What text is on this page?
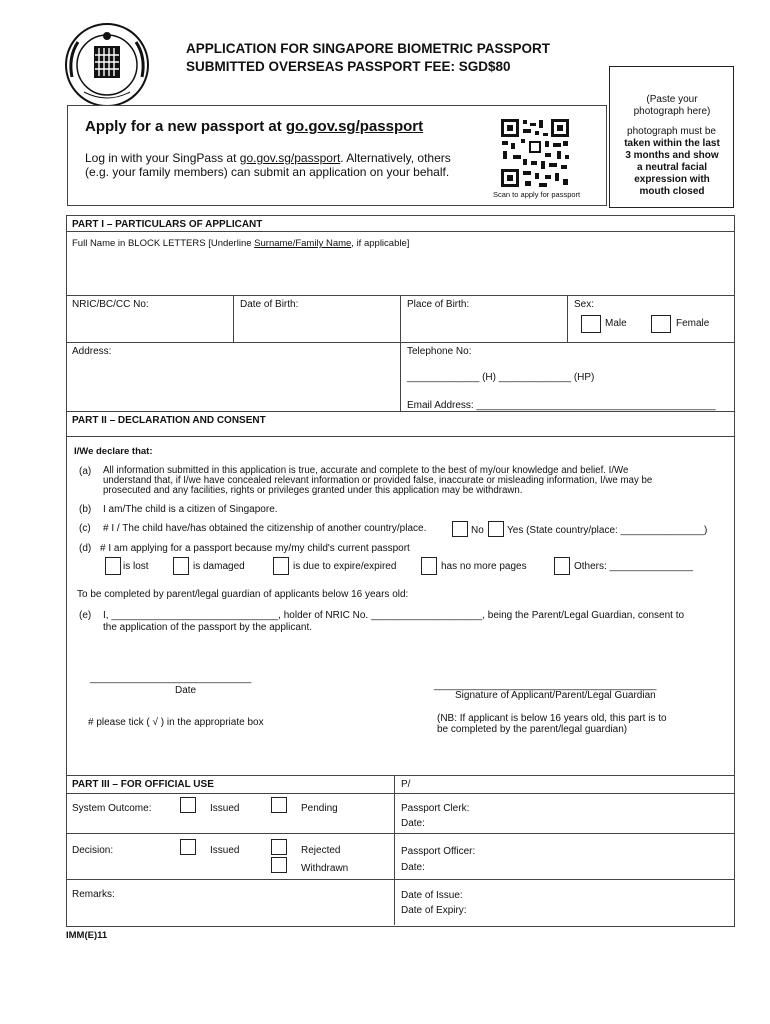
APPLICATION FOR SINGAPORE BIOMETRIC PASSPORT
SUBMITTED OVERSEAS PASSPORT FEE: SGD$80
(Paste your photograph here)
photograph must be
taken within the last 3 months and show a neutral facial expression with mouth closed
Apply for a new passport at go.gov.sg/passport
Log in with your SingPass at go.gov.sg/passport. Alternatively, others
(e.g. your family members) can submit an application on your behalf.
Scan to apply for passport
PART I – PARTICULARS OF APPLICANT
Full Name in BLOCK LETTERS [Underline Surname/Family Name, if applicable]
NRIC/BC/CC No:	Date of Birth:	Place of Birth:	Sex:
Male	Female
Address:	Telephone No:
_____________ (H) _____________ (HP)
Email Address: ___________________________________________
PART II – DECLARATION AND CONSENT
I/We declare that:
(a) All information submitted in this application is true, accurate and complete to the best of my/our knowledge and belief. I/We
understand that, if I/we have concealed relevant information or provided false, inaccurate or misleading information, I/we may be
prosecuted and any facilities, rights or privileges granted under this application may be withdrawn.
(b) I am/The child is a citizen of Singapore.
(c) # I / The child have/has obtained the citizenship of another country/place.	No Yes (State country/place: _______________)
(d) # I am applying for a passport because my/my child's current passport
is lost	is damaged	is due to expire/expired	has no more pages	Others: _______________
To be completed by parent/legal guardian of applicants below 16 years old:
(e) I, ______________________________, holder of NRIC No. ____________________, being the Parent/Legal Guardian, consent to
the application of the passport by the applicant.
_____________________________
Date	________________________________________
Signature of Applicant/Parent/Legal Guardian
# please tick ( √ ) in the appropriate box	(NB: If applicant is below 16 years old, this part is to
be completed by the parent/legal guardian)
PART III – FOR OFFICIAL USE	P/
System Outcome:	Issued	Pending	Passport Clerk:
Date:
Decision:	Issued	Rejected
Withdrawn
Passport Officer:
Date:
Remarks:	Date of Issue:
Date of Expiry:
IMM(E)11
